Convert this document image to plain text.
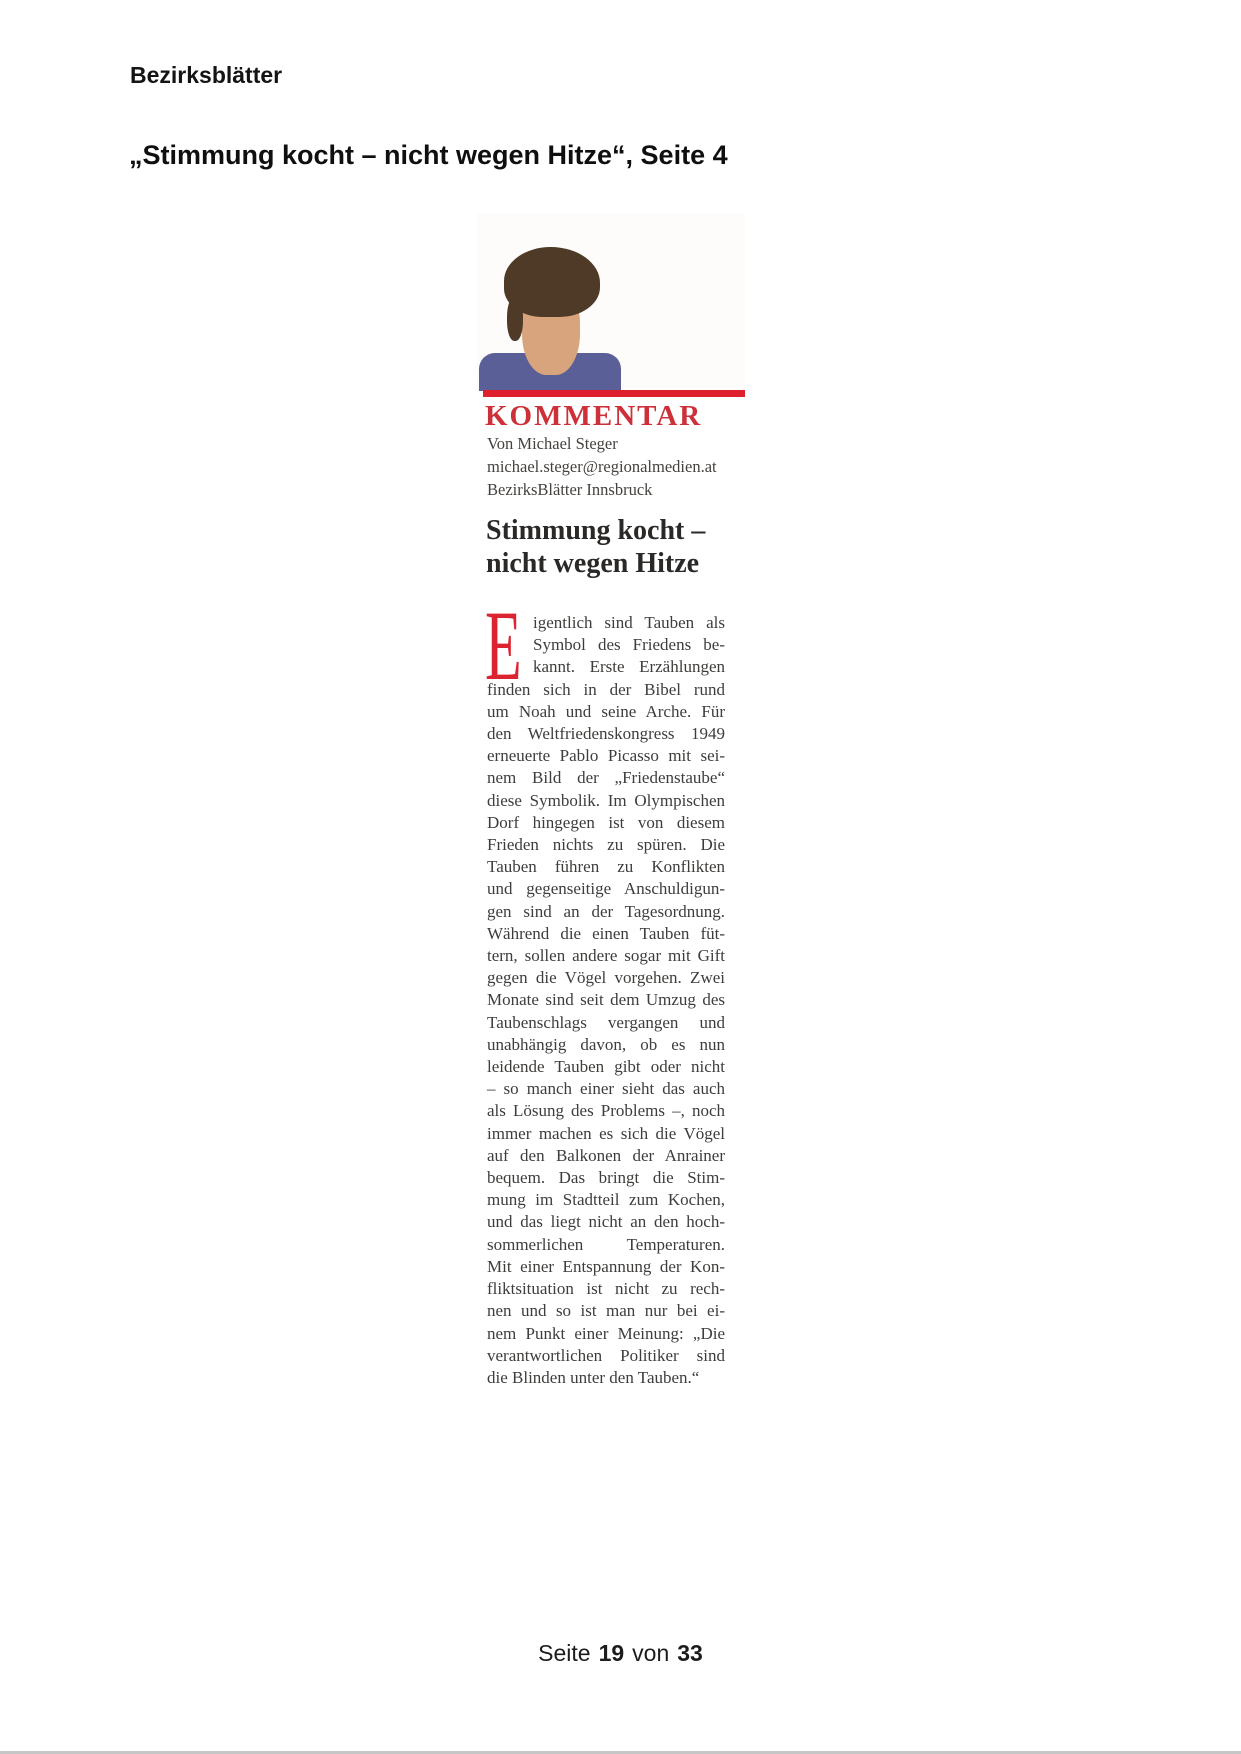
Bezirksblätter
„Stimmung kocht – nicht wegen Hitze“, Seite 4
KOMMENTAR
Von Michael Steger
michael.steger@regionalmedien.at
BezirksBlätter Innsbruck
Stimmung kocht –
nicht wegen Hitze
E igentlich sind Tauben als
Symbol des Friedens be-
kannt. Erste Erzählungen
finden sich in der Bibel rund
um Noah und seine Arche. Für
den Weltfriedenskongress 1949
erneuerte Pablo Picasso mit sei-
nem Bild der „Friedenstaube“
diese Symbolik. Im Olympischen
Dorf hingegen ist von diesem
Frieden nichts zu spüren. Die
Tauben führen zu Konflikten
und gegenseitige Anschuldigun-
gen sind an der Tagesordnung.
Während die einen Tauben füt-
tern, sollen andere sogar mit Gift
gegen die Vögel vorgehen. Zwei
Monate sind seit dem Umzug des
Taubenschlags vergangen und
unabhängig davon, ob es nun
leidende Tauben gibt oder nicht
– so manch einer sieht das auch
als Lösung des Problems –, noch
immer machen es sich die Vögel
auf den Balkonen der Anrainer
bequem. Das bringt die Stim-
mung im Stadtteil zum Kochen,
und das liegt nicht an den hoch-
sommerlichen Temperaturen.
Mit einer Entspannung der Kon-
fliktsituation ist nicht zu rech-
nen und so ist man nur bei ei-
nem Punkt einer Meinung: „Die
verantwortlichen Politiker sind
die Blinden unter den Tauben.“
Seite 19 von 33
